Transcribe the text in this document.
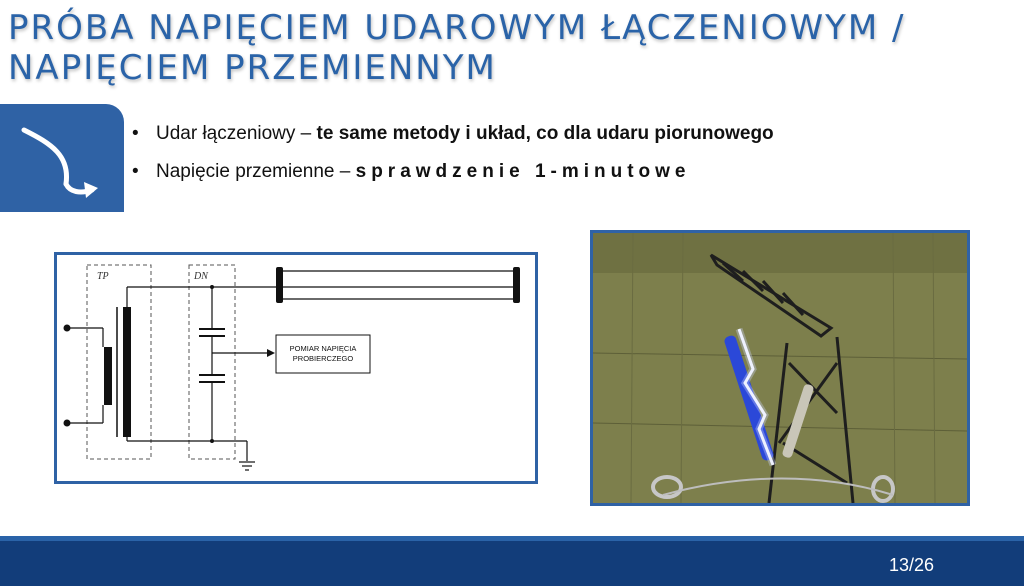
PRÓBA NAPIĘCIEM UDAROWYM ŁĄCZENIOWYM /
NAPIĘCIEM PRZEMIENNYM
• Udar łączeniowy – te same metody i układ, co dla udaru piorunowego
• Napięcie przemienne – sprawdzenie 1-minutowe
TP	DN
POMIAR NAPIĘCIA
PROBIERCZEGO
13/26
